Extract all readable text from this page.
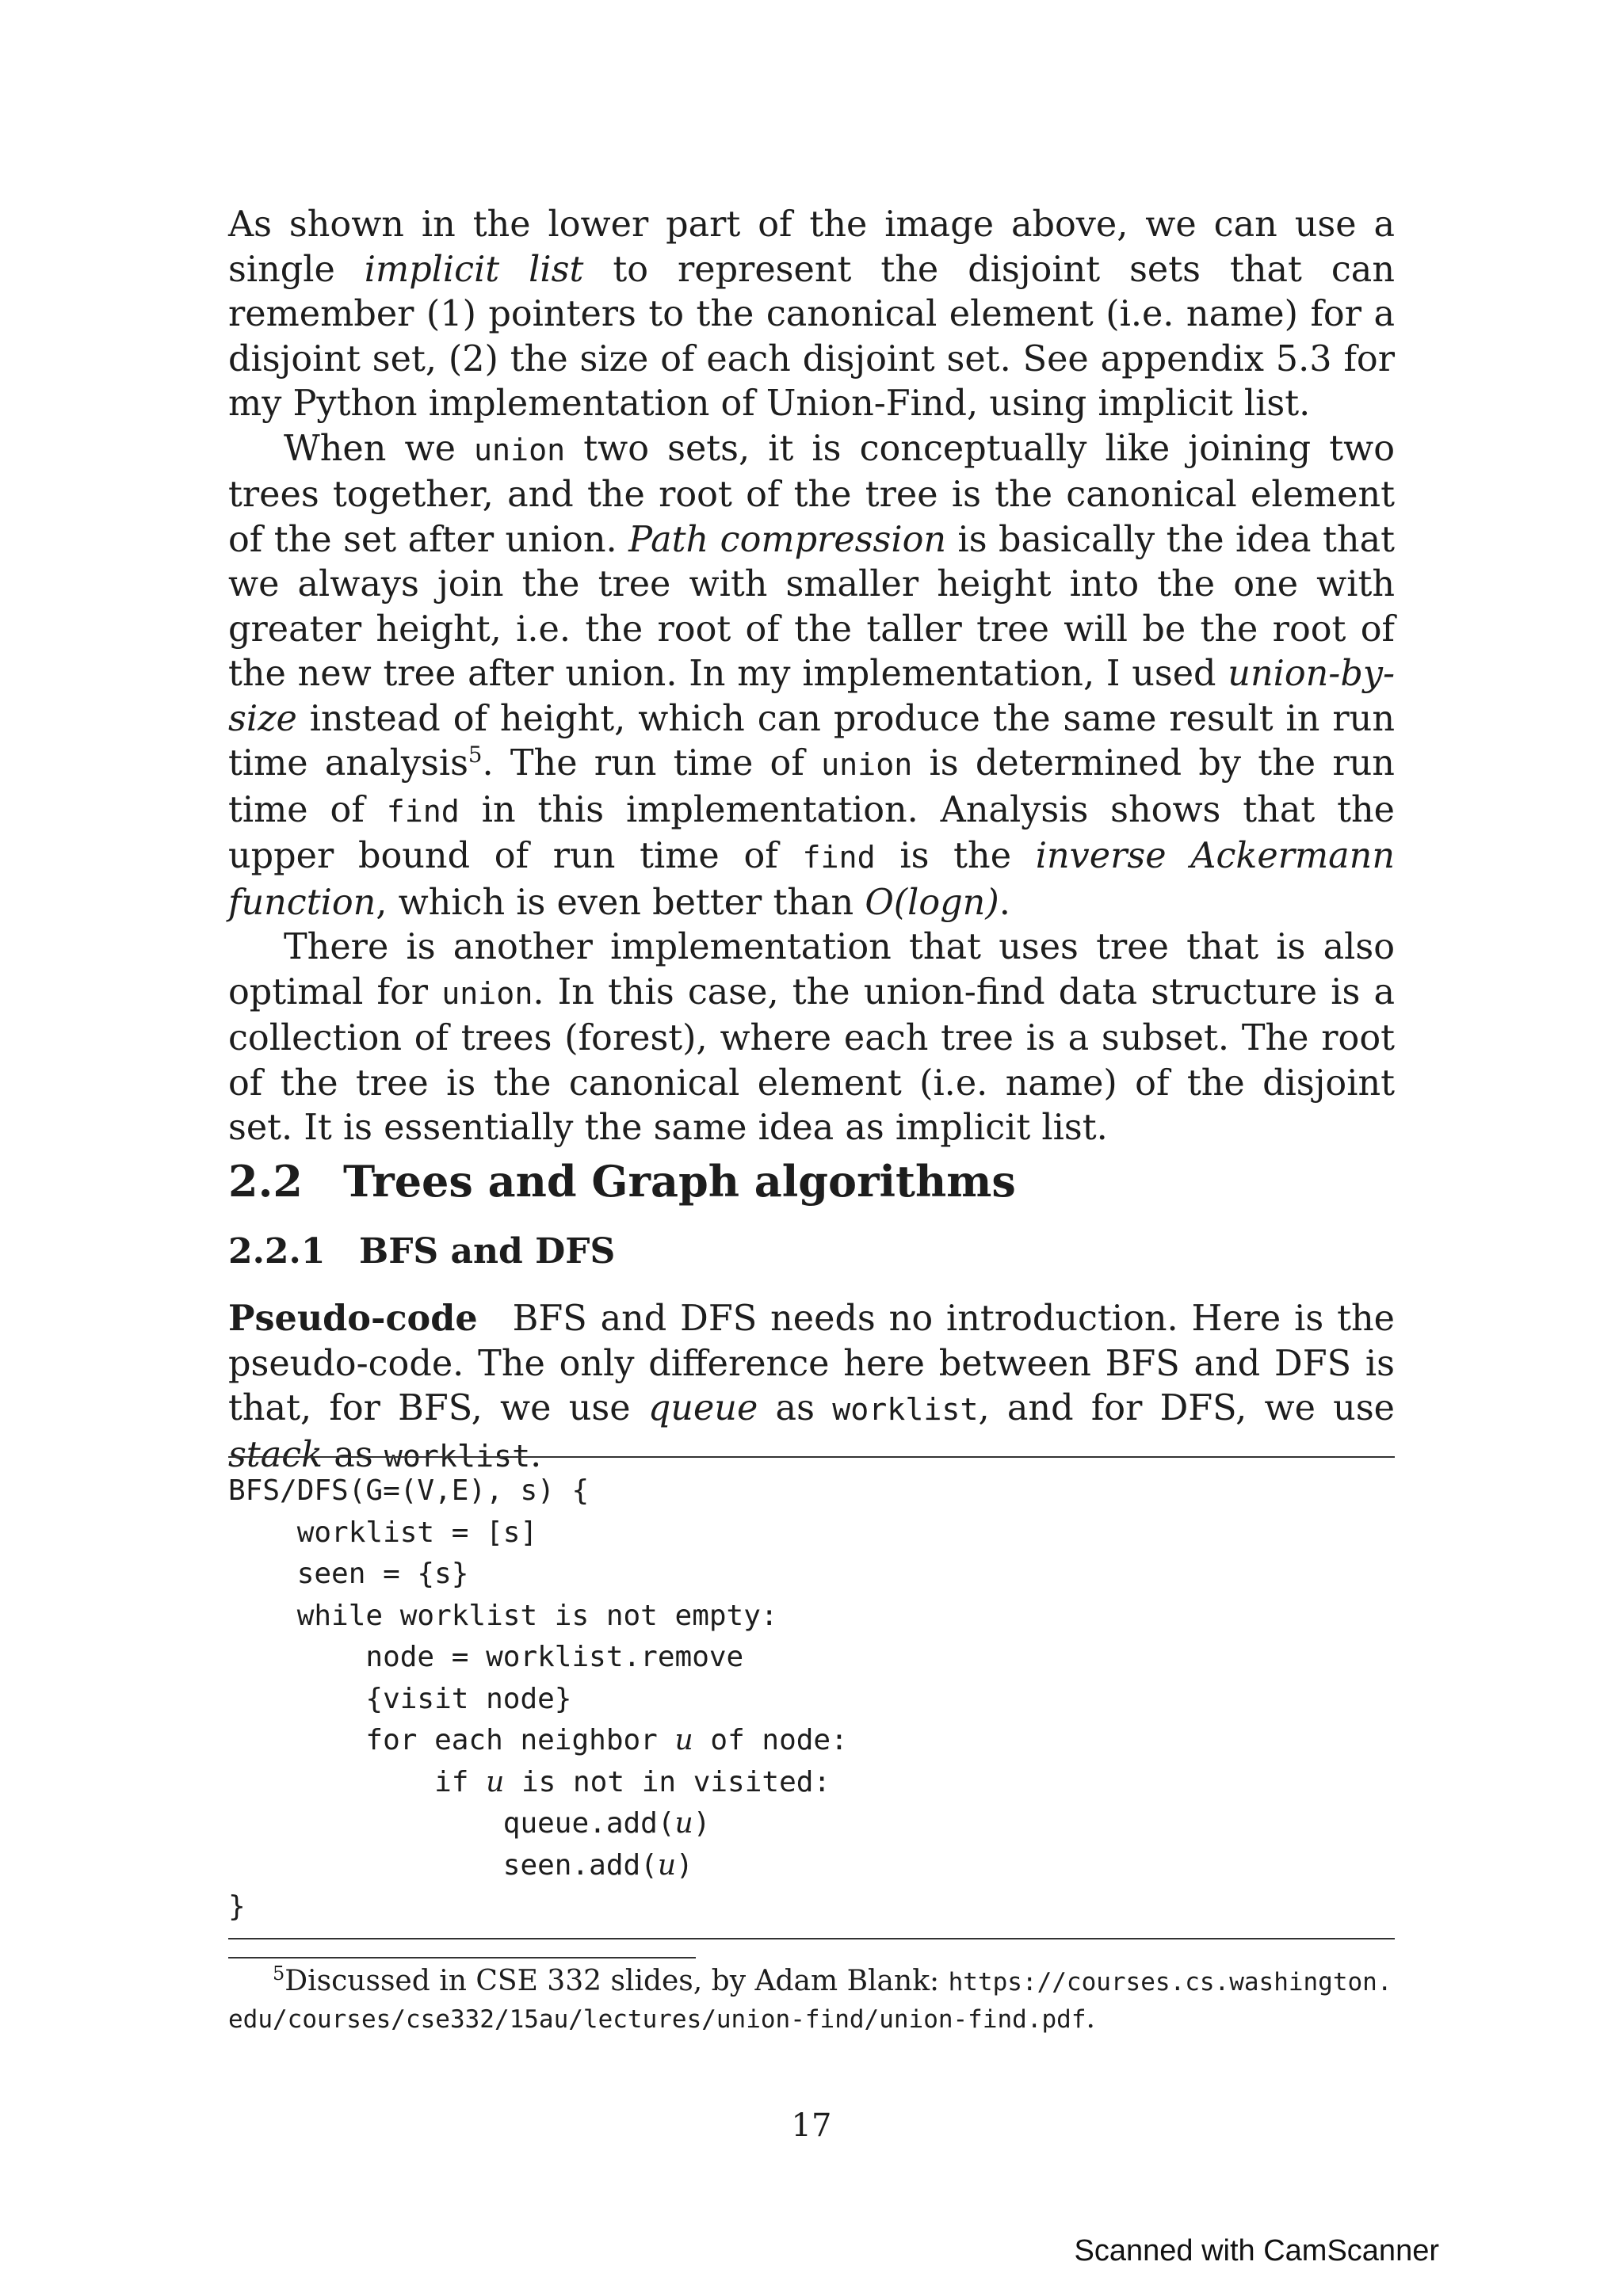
As shown in the lower part of the image above, we can use a single implicit list to represent the disjoint sets that can remember (1) pointers to the canonical element (i.e. name) for a disjoint set, (2) the size of each disjoint set. See appendix 5.3 for my Python implementation of Union-Find, using implicit list.

When we union two sets, it is conceptually like joining two trees together, and the root of the tree is the canonical element of the set after union. Path compression is basically the idea that we always join the tree with smaller height into the one with greater height, i.e. the root of the taller tree will be the root of the new tree after union. In my implementation, I used union-by-size instead of height, which can produce the same result in run time analysis$^5$. The run time of union is determined by the run time of find in this implementation. Analysis shows that the upper bound of run time of find is the inverse Ackermann function, which is even better than O(logn).

There is another implementation that uses tree that is also optimal for union. In this case, the union-find data structure is a collection of trees (forest), where each tree is a subset. The root of the tree is the canonical element (i.e. name) of the disjoint set. It is essentially the same idea as implicit list.

2.2 Trees and Graph algorithms
2.2.1 BFS and DFS

Pseudo-code BFS and DFS needs no introduction. Here is the pseudo-code. The only difference here between BFS and DFS is that, for BFS, we use queue as worklist, and for DFS, we use stack as worklist.

BFS/DFS(G=(V,E), s) {
worklist = [s]
seen = {s}
while worklist is not empty:
node = worklist.remove
{visit node}
for each neighbor u of node:
if u is not in visited:
queue.add(u)
seen.add(u)
}
$^5$Discussed in CSE 332 slides, by Adam Blank: https://courses.cs.washington.
edu/courses/cse332/15au/lectures/union-find/union-find.pdf.
17
Scanned with CamScanner
